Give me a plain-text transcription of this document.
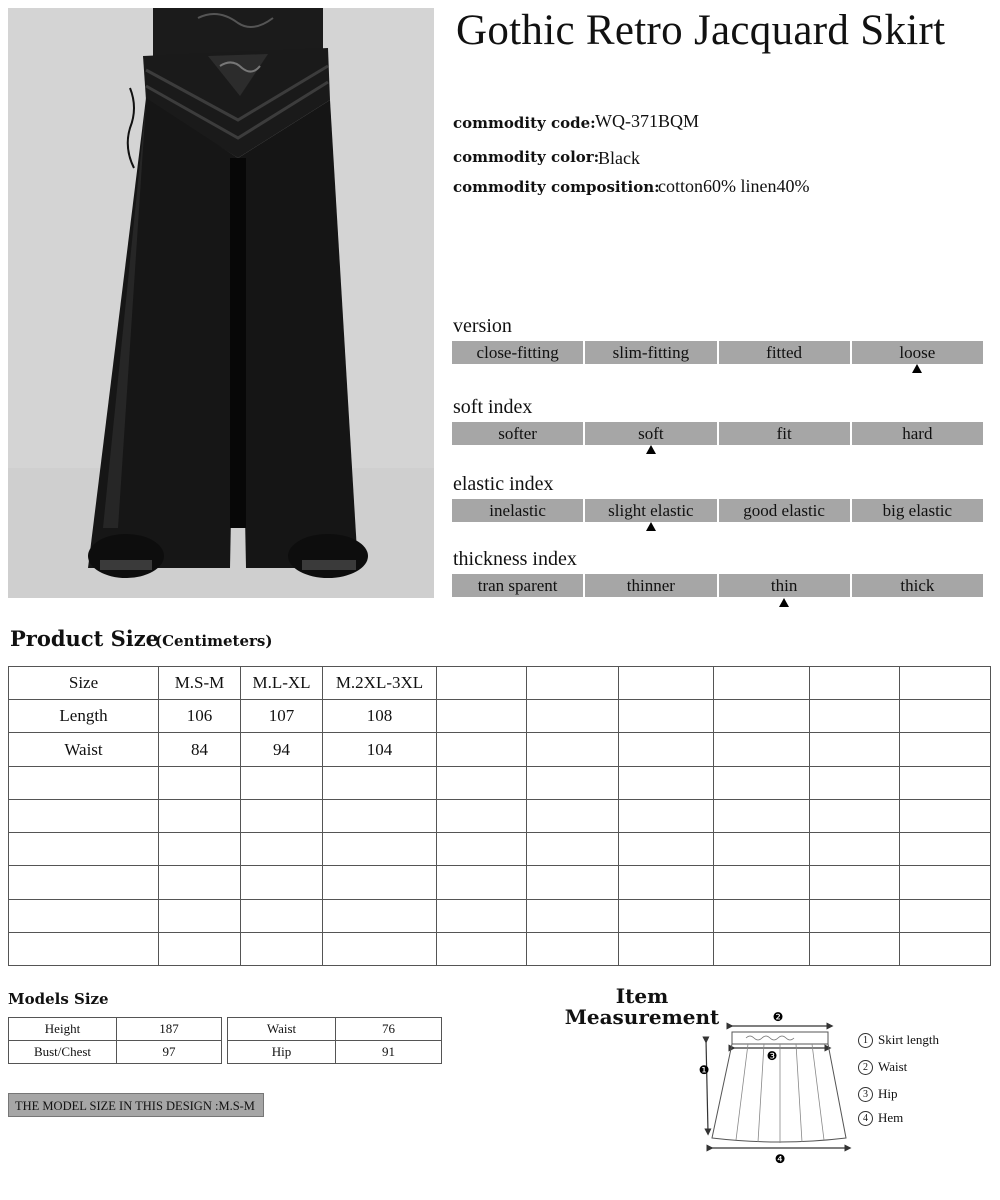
Gothic Retro Jacquard Skirt
commodity code: WQ-371BQM
commodity color:
Black
commodity composition:
cotton60% linen40%
version
close-fitting	slim-fitting	fitted	loose
soft index
softer	soft	fit	hard
elastic index
inelastic	slight elastic	good elastic	big elastic
thickness index
tran sparent	thinner	thin	thick
Product Size
(Centimeters)
Size	M.S-M	M.L-XL	M.2XL-3XL						
Length	106	107	108						
Waist	84	94	104						

Models Size
Height	187
Bust/Chest	97
Waist	76
Hip	91
THE MODEL SIZE IN THIS DESIGN :M.S-M
Item
Measurement	❷
❸
❶
❹
1 Skirt length
2 Waist
3 Hip
4 Hem
